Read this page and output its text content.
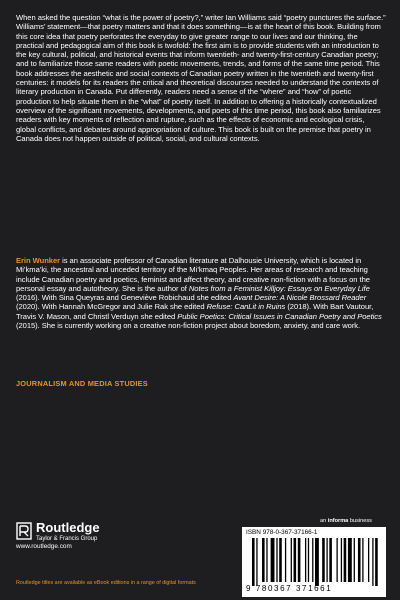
When asked the question “what is the power of poetry?,” writer Ian Williams said “poetry punctures the surface.” Williams’ statement—that poetry matters and that it does something—is at the heart of this book. Building from this core idea that poetry perforates the everyday to give greater range to our lives and our thinking, the practical and pedagogical aim of this book is twofold: the first aim is to provide students with an introduction to the key cultural, political, and historical events that inform twentieth- and twenty-first-century Canadian poetry; and to familiarize those same readers with poetic movements, trends, and forms of the same time period. This book addresses the aesthetic and social contexts of Canadian poetry written in the twentieth and twenty-first centuries: it models for its readers the critical and theoretical discourses needed to understand the contexts of literary production in Canada. Put differently, readers need a sense of the “where” and “how” of poetic production to help situate them in the “what” of poetry itself. In addition to offering a historically contextualized overview of the significant movements, developments, and poets of this time period, this book also familiarizes readers with key moments of reflection and rupture, such as the effects of economic and ecological crisis, global conflicts, and debates around appropriation of culture. This book is built on the premise that poetry in Canada does not happen outside of political, social, and cultural contexts.

Erin Wunker is an associate professor of Canadian literature at Dalhousie University, which is located in Mi’kma’ki, the ancestral and unceded territory of the Mi’kmaq Peoples. Her areas of research and teaching include Canadian poetry and poetics, feminist and affect theory, and creative non-fiction with a focus on the personal essay and autotheory. She is the author of Notes from a Feminist Killjoy: Essays on Everyday Life (2016). With Sina Queyras and Geneviève Robichaud she edited Avant Desire: A Nicole Brossard Reader (2020). With Hannah McGregor and Julie Rak she edited Refuse: CanLit in Ruins (2018). With Bart Vautour, Travis V. Mason, and Christl Verduyn she edited Public Poetics: Critical Issues in Canadian Poetry and Poetics (2015). She is currently working on a creative non-fiction project about boredom, anxiety, and care work.

JOURNALISM AND MEDIA STUDIES
Routledge
Taylor & Francis Group
www.routledge.com
Routledge titles are available as eBook editions in a range of digital formats
an informa business
ISBN 978-0-367-37166-1
9 780367 371661
